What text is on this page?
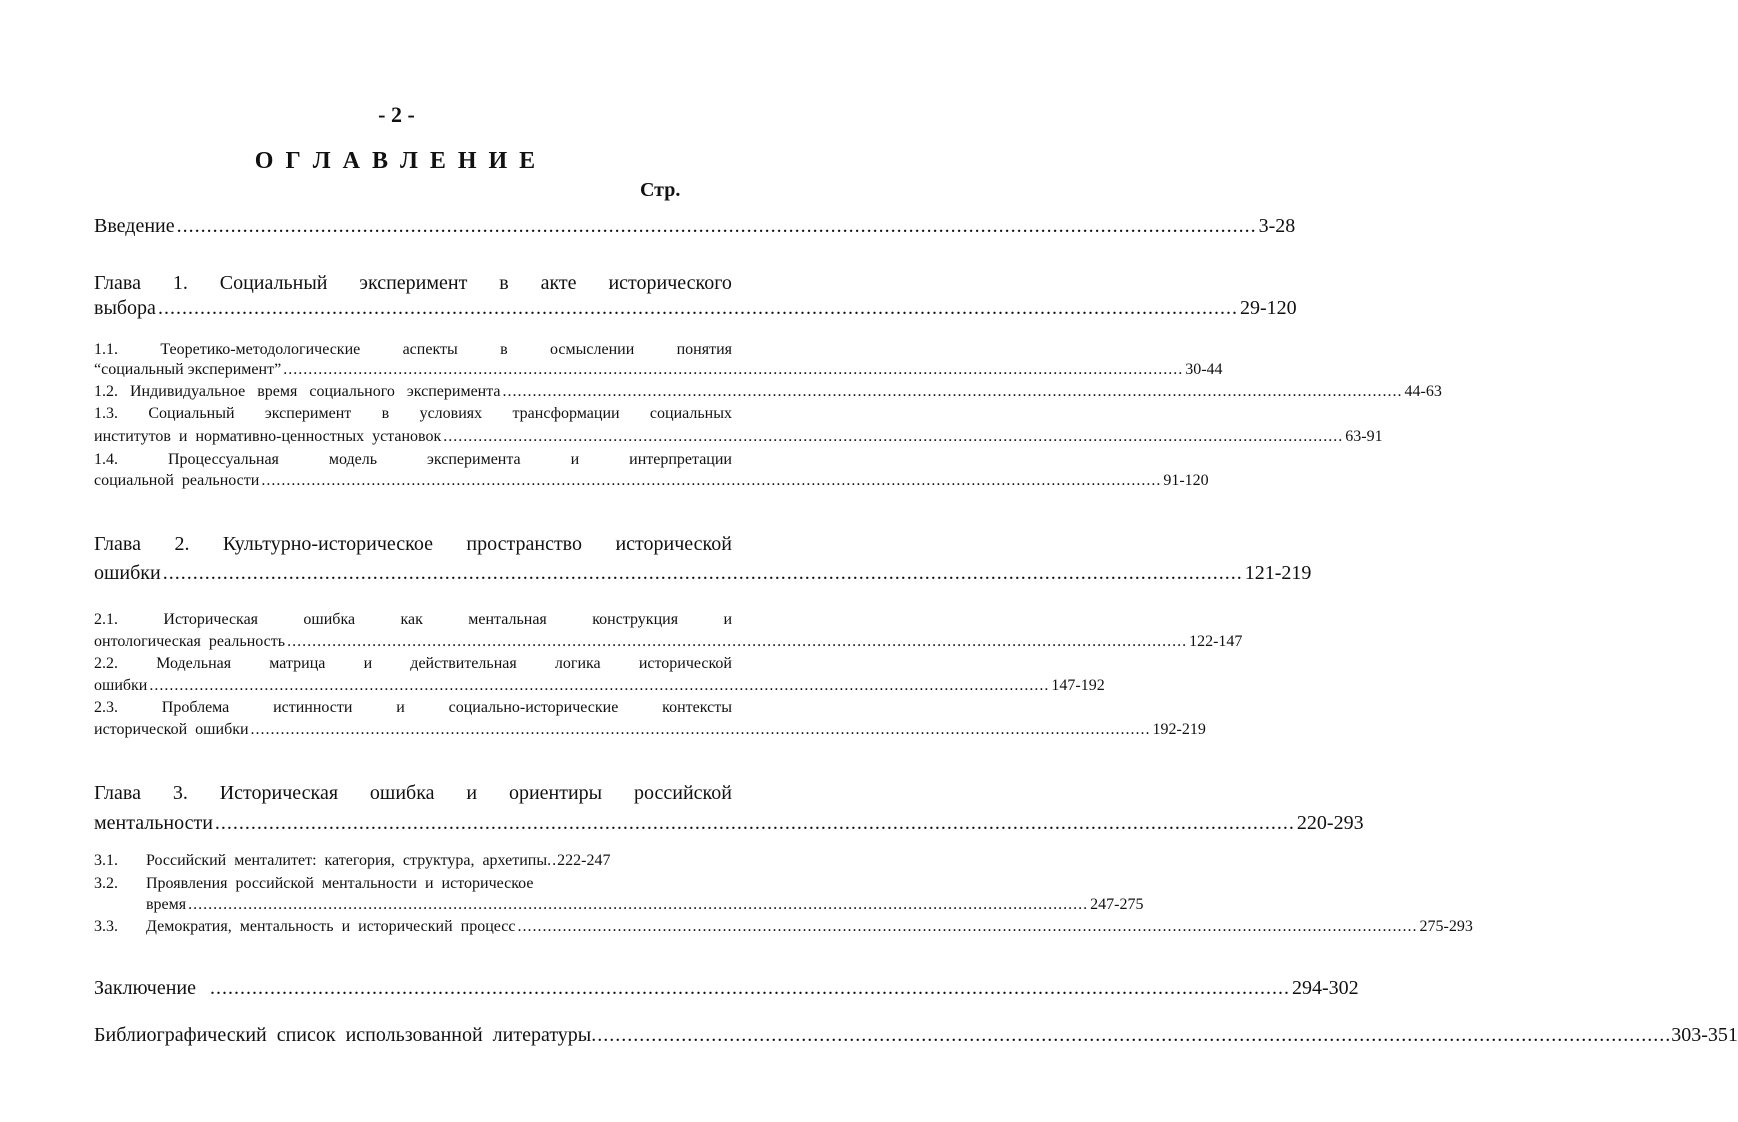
- 2 -
О Г Л А В Л Е Н И Е
Стр.
Введение .................................................................................................................................................................................... 3-28
Глава 1. Социальный эксперимент в акте исторического
выбора .................................................................................................................................................................................... 29-120
1.1.	Теоретико-методологические	аспекты	в	осмыслении	понятия
“социальный эксперимент” .................................................................................................................................................................................... 30-44
1.2.   Индивидуальное   время   социального   эксперимента .................................................................................................................................................................................... 44-63
1.3. Социальный эксперимент в условиях трансформации социальных
институтов  и  нормативно-ценностных  установок .................................................................................................................................................................................... 63-91
1.4.	Процессуальная	модель	эксперимента	и	интерпретации
социальной  реальности .................................................................................................................................................................................... 91-120
Глава 2. Культурно-историческое пространство исторической
ошибки .................................................................................................................................................................................... 121-219
2.1.	Историческая	ошибка	как	ментальная	конструкция	и
онтологическая  реальность .................................................................................................................................................................................... 122-147
2.2. Модельная матрица и действительная логика исторической
ошибки .................................................................................................................................................................................... 147-192
2.3.	Проблема	истинности	и	социально-исторические	контексты
исторической  ошибки .................................................................................................................................................................................... 192-219
Глава 3. Историческая ошибка и ориентиры российской
ментальности .................................................................................................................................................................................... 220-293
3.1.	Российский  менталитет:  категория,  структура,  архетипы .. 222-247
3.2.	Проявления  российской  ментальности  и  историческое
время .................................................................................................................................................................................... 247-275
3.3.	Демократия,  ментальность  и  исторический  процесс .................................................................................................................................................................................... 275-293
Заключение .................................................................................................................................................................................... 294-302
Библиографический  список  использованной  литературы .................................................................................................................................................................................... 303-351
